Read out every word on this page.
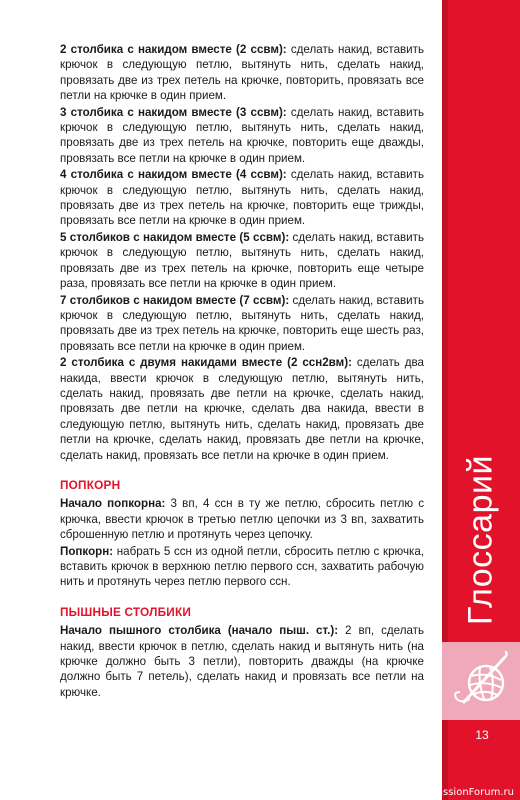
Глоссарий
13
PassionForum.ru

2 столбика с накидом вместе (2 ссвм): сделать накид, вставить крючок в следующую петлю, вытянуть нить, сделать накид, провязать две из трех петель на крючке, повторить, провязать все петли на крючке в один прием.

3 столбика с накидом вместе (3 ссвм): сделать накид, вставить крючок в следующую петлю, вытянуть нить, сделать накид, провязать две из трех петель на крючке, повторить еще дважды, провязать все петли на крючке в один прием.

4 столбика с накидом вместе (4 ссвм): сделать накид, вставить крючок в следующую петлю, вытянуть нить, сделать накид, провязать две из трех петель на крючке, повторить еще трижды, провязать все петли на крючке в один прием.

5 столбиков с накидом вместе (5 ссвм): сделать накид, вставить крючок в следующую петлю, вытянуть нить, сделать накид, провязать две из трех петель на крючке, повторить еще четыре раза, провязать все петли на крючке в один прием.

7 столбиков с накидом вместе (7 ссвм): сделать накид, вставить крючок в следующую петлю, вытянуть нить, сделать накид, провязать две из трех петель на крючке, повторить еще шесть раз, провязать все петли на крючке в один прием.

2 столбика с двумя накидами вместе (2 ссн2вм): сделать два накида, ввести крючок в следующую петлю, вытянуть нить, сделать накид, провязать две петли на крючке, сделать накид, провязать две петли на крючке, сделать два накида, ввести в следующую петлю, вытянуть нить, сделать накид, провязать две петли на крючке, сделать накид, провязать две петли на крючке, сделать накид, провязать все петли на крючке в один прием.

ПОПКОРН

Начало попкорна: 3 вп, 4 ссн в ту же петлю, сбросить петлю с крючка, ввести крючок в третью петлю цепочки из 3 вп, захватить сброшенную петлю и протянуть через цепочку.

Попкорн: набрать 5 ссн из одной петли, сбросить петлю с крючка, вставить крючок в верхнюю петлю первого ссн, захватить рабочую нить и протянуть через петлю первого ссн.

ПЫШНЫЕ СТОЛБИКИ

Начало пышного столбика (начало пыш. ст.): 2 вп, сделать накид, ввести крючок в петлю, сделать накид и вытянуть нить (на крючке должно быть 3 петли), повторить дважды (на крючке должно быть 7 петель), сделать накид и провязать все петли на крючке.
